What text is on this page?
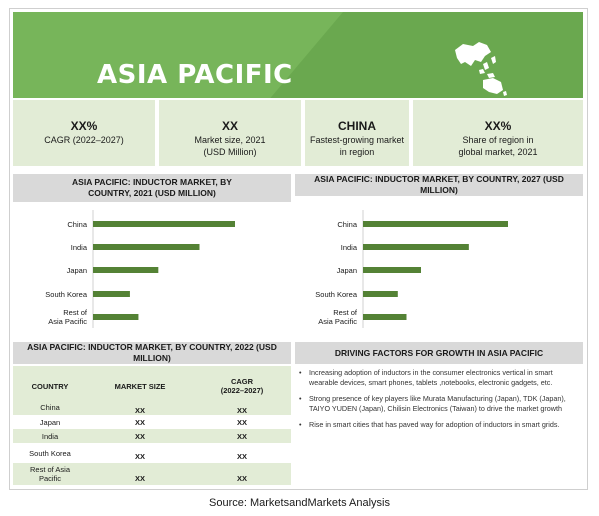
ASIA PACIFIC
XX%
CAGR (2022–2027)
XX
Market size, 2021 (USD Million)
CHINA
Fastest-growing market in region
XX%
Share of region in global market, 2021
ASIA PACIFIC: INDUCTOR MARKET, BY COUNTRY, 2021 (USD MILLION)
ASIA PACIFIC: INDUCTOR MARKET, BY COUNTRY, 2027 (USD MILLION)
China
India
Japan
South Korea
Rest of Asia Pacific
China
India
Japan
South Korea
Rest of Asia Pacific
ASIA PACIFIC: INDUCTOR MARKET, BY COUNTRY, 2022 (USD MILLION)
DRIVING FACTORS FOR GROWTH IN ASIA PACIFIC
COUNTRY	MARKET SIZE	CAGR
(2022–2027)
China	XX	XX
Japan	XX	XX
India	XX	XX
South Korea	XX	XX
Rest of Asia Pacific	XX	XX
• Increasing adoption of inductors in the consumer electronics vertical in smart wearable devices, smart phones, tablets ,notebooks, electronic gadgets, etc.
• Strong presence of key players like Murata Manufacturing (Japan), TDK (Japan), TAIYO YUDEN (Japan), Chilisin Electronics (Taiwan) to drive the market growth
• Rise in smart cities that has paved way for adoption of inductors in smart grids.
Source: MarketsandMarkets Analysis
